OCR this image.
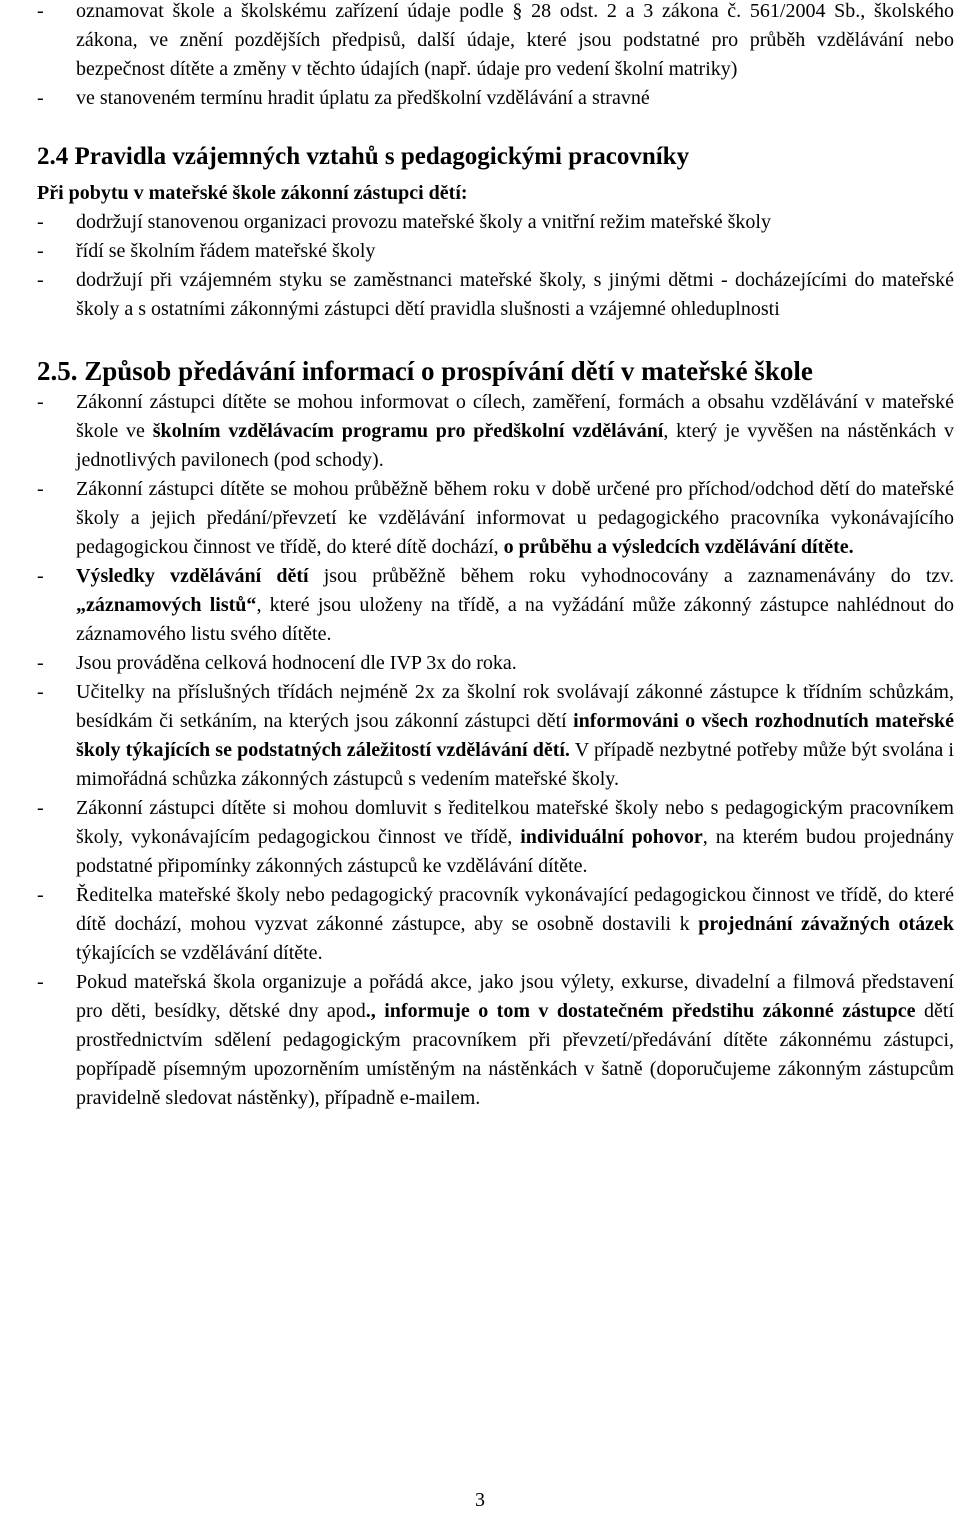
-	oznamovat škole a školskému zařízení údaje podle § 28 odst. 2 a 3 zákona č. 561/2004 Sb., školského zákona, ve znění pozdějších předpisů, další údaje, které jsou podstatné pro průběh vzdělávání nebo bezpečnost dítěte a změny v těchto údajích (např. údaje pro vedení školní matriky)
-	ve stanoveném termínu hradit úplatu za předškolní vzdělávání a stravné
2.4 Pravidla vzájemných vztahů s pedagogickými pracovníky

Při pobytu v mateřské škole zákonní zástupci dětí:

-	dodržují stanovenou organizaci provozu mateřské školy a vnitřní režim mateřské školy
-	řídí se školním řádem mateřské školy
-	dodržují při vzájemném styku se zaměstnanci mateřské školy, s jinými dětmi - docházejícími do mateřské školy a s ostatními zákonnými zástupci dětí pravidla slušnosti a vzájemné ohleduplnosti
2.5. Způsob předávání informací o prospívání dětí v mateřské škole
-	Zákonní zástupci dítěte se mohou informovat o cílech, zaměření, formách a obsahu vzdělávání v mateřské škole ve školním vzdělávacím programu pro předškolní vzdělávání, který je vyvěšen na nástěnkách v jednotlivých pavilonech (pod schody).
-	Zákonní zástupci dítěte se mohou průběžně během roku v době určené pro příchod/odchod dětí do mateřské školy a jejich předání/převzetí ke vzdělávání informovat u pedagogického pracovníka vykonávajícího pedagogickou činnost ve třídě, do které dítě dochází, o průběhu a výsledcích vzdělávání dítěte.
-	Výsledky vzdělávání dětí jsou průběžně během roku vyhodnocovány a zaznamenávány do tzv. „záznamových listů“, které jsou uloženy na třídě, a na vyžádání může zákonný zástupce nahlédnout do záznamového listu svého dítěte.
-	Jsou prováděna celková hodnocení dle IVP 3x do roka.
-	Učitelky na příslušných třídách nejméně 2x za školní rok svolávají zákonné zástupce k třídním schůzkám, besídkám či setkáním, na kterých jsou zákonní zástupci dětí informováni o všech rozhodnutích mateřské školy týkajících se podstatných záležitostí vzdělávání dětí. V případě nezbytné potřeby může být svolána i mimořádná schůzka zákonných zástupců s vedením mateřské školy.
-	Zákonní zástupci dítěte si mohou domluvit s ředitelkou mateřské školy nebo s pedagogickým pracovníkem školy, vykonávajícím pedagogickou činnost ve třídě, individuální pohovor, na kterém budou projednány podstatné připomínky zákonných zástupců ke vzdělávání dítěte.
-	Ředitelka mateřské školy nebo pedagogický pracovník vykonávající pedagogickou činnost ve třídě, do které dítě dochází, mohou vyzvat zákonné zástupce, aby se osobně dostavili k projednání závažných otázek týkajících se vzdělávání dítěte.
-	Pokud mateřská škola organizuje a pořádá akce, jako jsou výlety, exkurse, divadelní a filmová představení pro děti, besídky, dětské dny apod., informuje o tom v dostatečném předstihu zákonné zástupce dětí prostřednictvím sdělení pedagogickým pracovníkem při převzetí/předávání dítěte zákonnému zástupci, popřípadě písemným upozorněním umístěným na nástěnkách v šatně (doporučujeme zákonným zástupcům pravidelně sledovat nástěnky), případně e-mailem.
3
